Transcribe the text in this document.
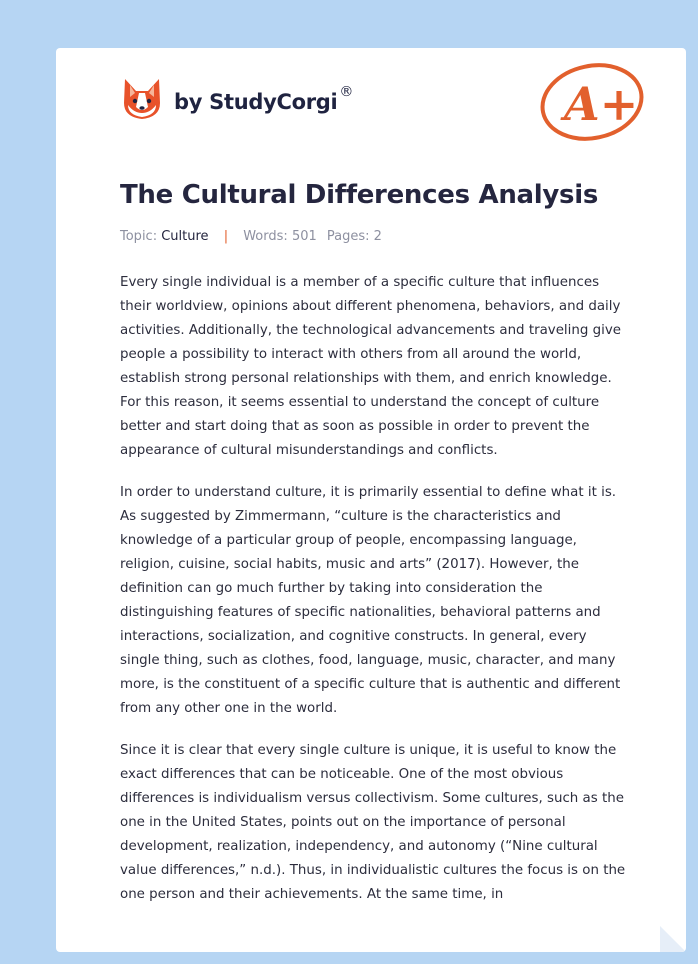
by StudyCorgi ®	A+
The Cultural Differences Analysis
Topic: Culture | Words: 501 Pages: 2

Every single individual is a member of a specific culture that influences their worldview, opinions about different phenomena, behaviors, and daily activities. Additionally, the technological advancements and traveling give people a possibility to interact with others from all around the world, establish strong personal relationships with them, and enrich knowledge. For this reason, it seems essential to understand the concept of culture better and start doing that as soon as possible in order to prevent the appearance of cultural misunderstandings and conflicts.

In order to understand culture, it is primarily essential to define what it is. As suggested by Zimmermann, “culture is the characteristics and knowledge of a particular group of people, encompassing language, religion, cuisine, social habits, music and arts” (2017). However, the definition can go much further by taking into consideration the distinguishing features of specific nationalities, behavioral patterns and interactions, socialization, and cognitive constructs. In general, every single thing, such as clothes, food, language, music, character, and many more, is the constituent of a specific culture that is authentic and different from any other one in the world.

Since it is clear that every single culture is unique, it is useful to know the exact differences that can be noticeable. One of the most obvious differences is individualism versus collectivism. Some cultures, such as the one in the United States, points out on the importance of personal development, realization, independency, and autonomy (“Nine cultural value differences,” n.d.). Thus, in individualistic cultures the focus is on the one person and their achievements. At the same time, in
